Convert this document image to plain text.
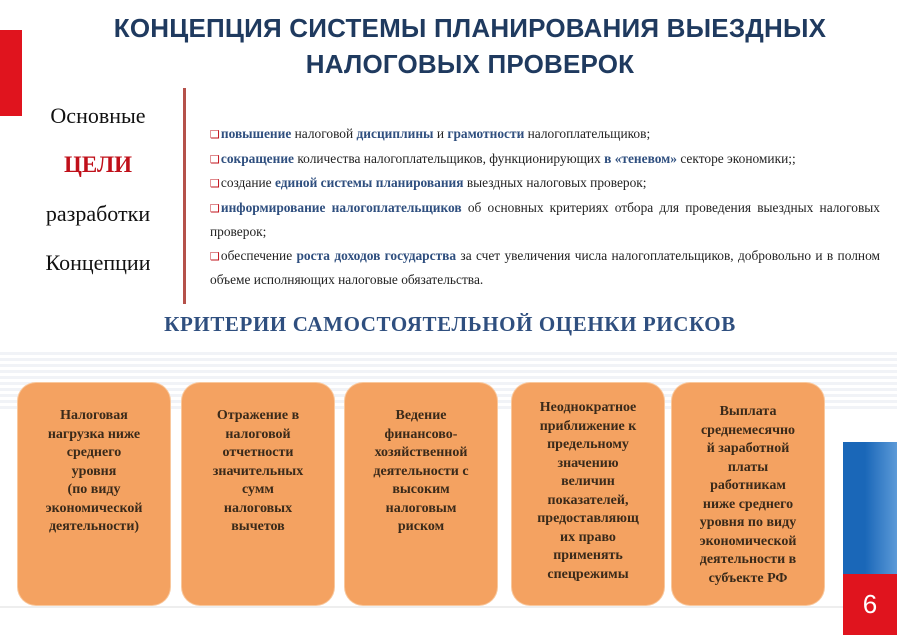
КОНЦЕПЦИЯ СИСТЕМЫ ПЛАНИРОВАНИЯ ВЫЕЗДНЫХ
НАЛОГОВЫХ ПРОВЕРОК
Основные
ЦЕЛИ
разработки
Концепции

❑повышение налоговой дисциплины и грамотности налогоплательщиков;

❑сокращение количества налогоплательщиков, функционирующих в «теневом» секторе экономики;;

❑создание единой системы планирования выездных налоговых проверок;

❑информирование налогоплательщиков об основных критериях отбора для проведения выездных налоговых проверок;

❑обеспечение роста доходов государства за счет увеличения числа налогоплательщиков, добровольно и в полном объеме исполняющих налоговые обязательства.

КРИТЕРИИ САМОСТОЯТЕЛЬНОЙ ОЦЕНКИ РИСКОВ
Налоговая
нагрузка ниже
среднего
уровня
(по виду
экономической
деятельности)
Отражение в
налоговой
отчетности
значительных
сумм
налоговых
вычетов
Ведение
финансово-
хозяйственной
деятельности с
высоким
налоговым
риском
Неоднократное
приближение к
предельному
значению
величин
показателей,
предоставляющ
их право
применять
спецрежимы
Выплата
среднемесячно
й заработной
платы
работникам
ниже среднего
уровня по виду
экономической
деятельности в
субъекте РФ
6
